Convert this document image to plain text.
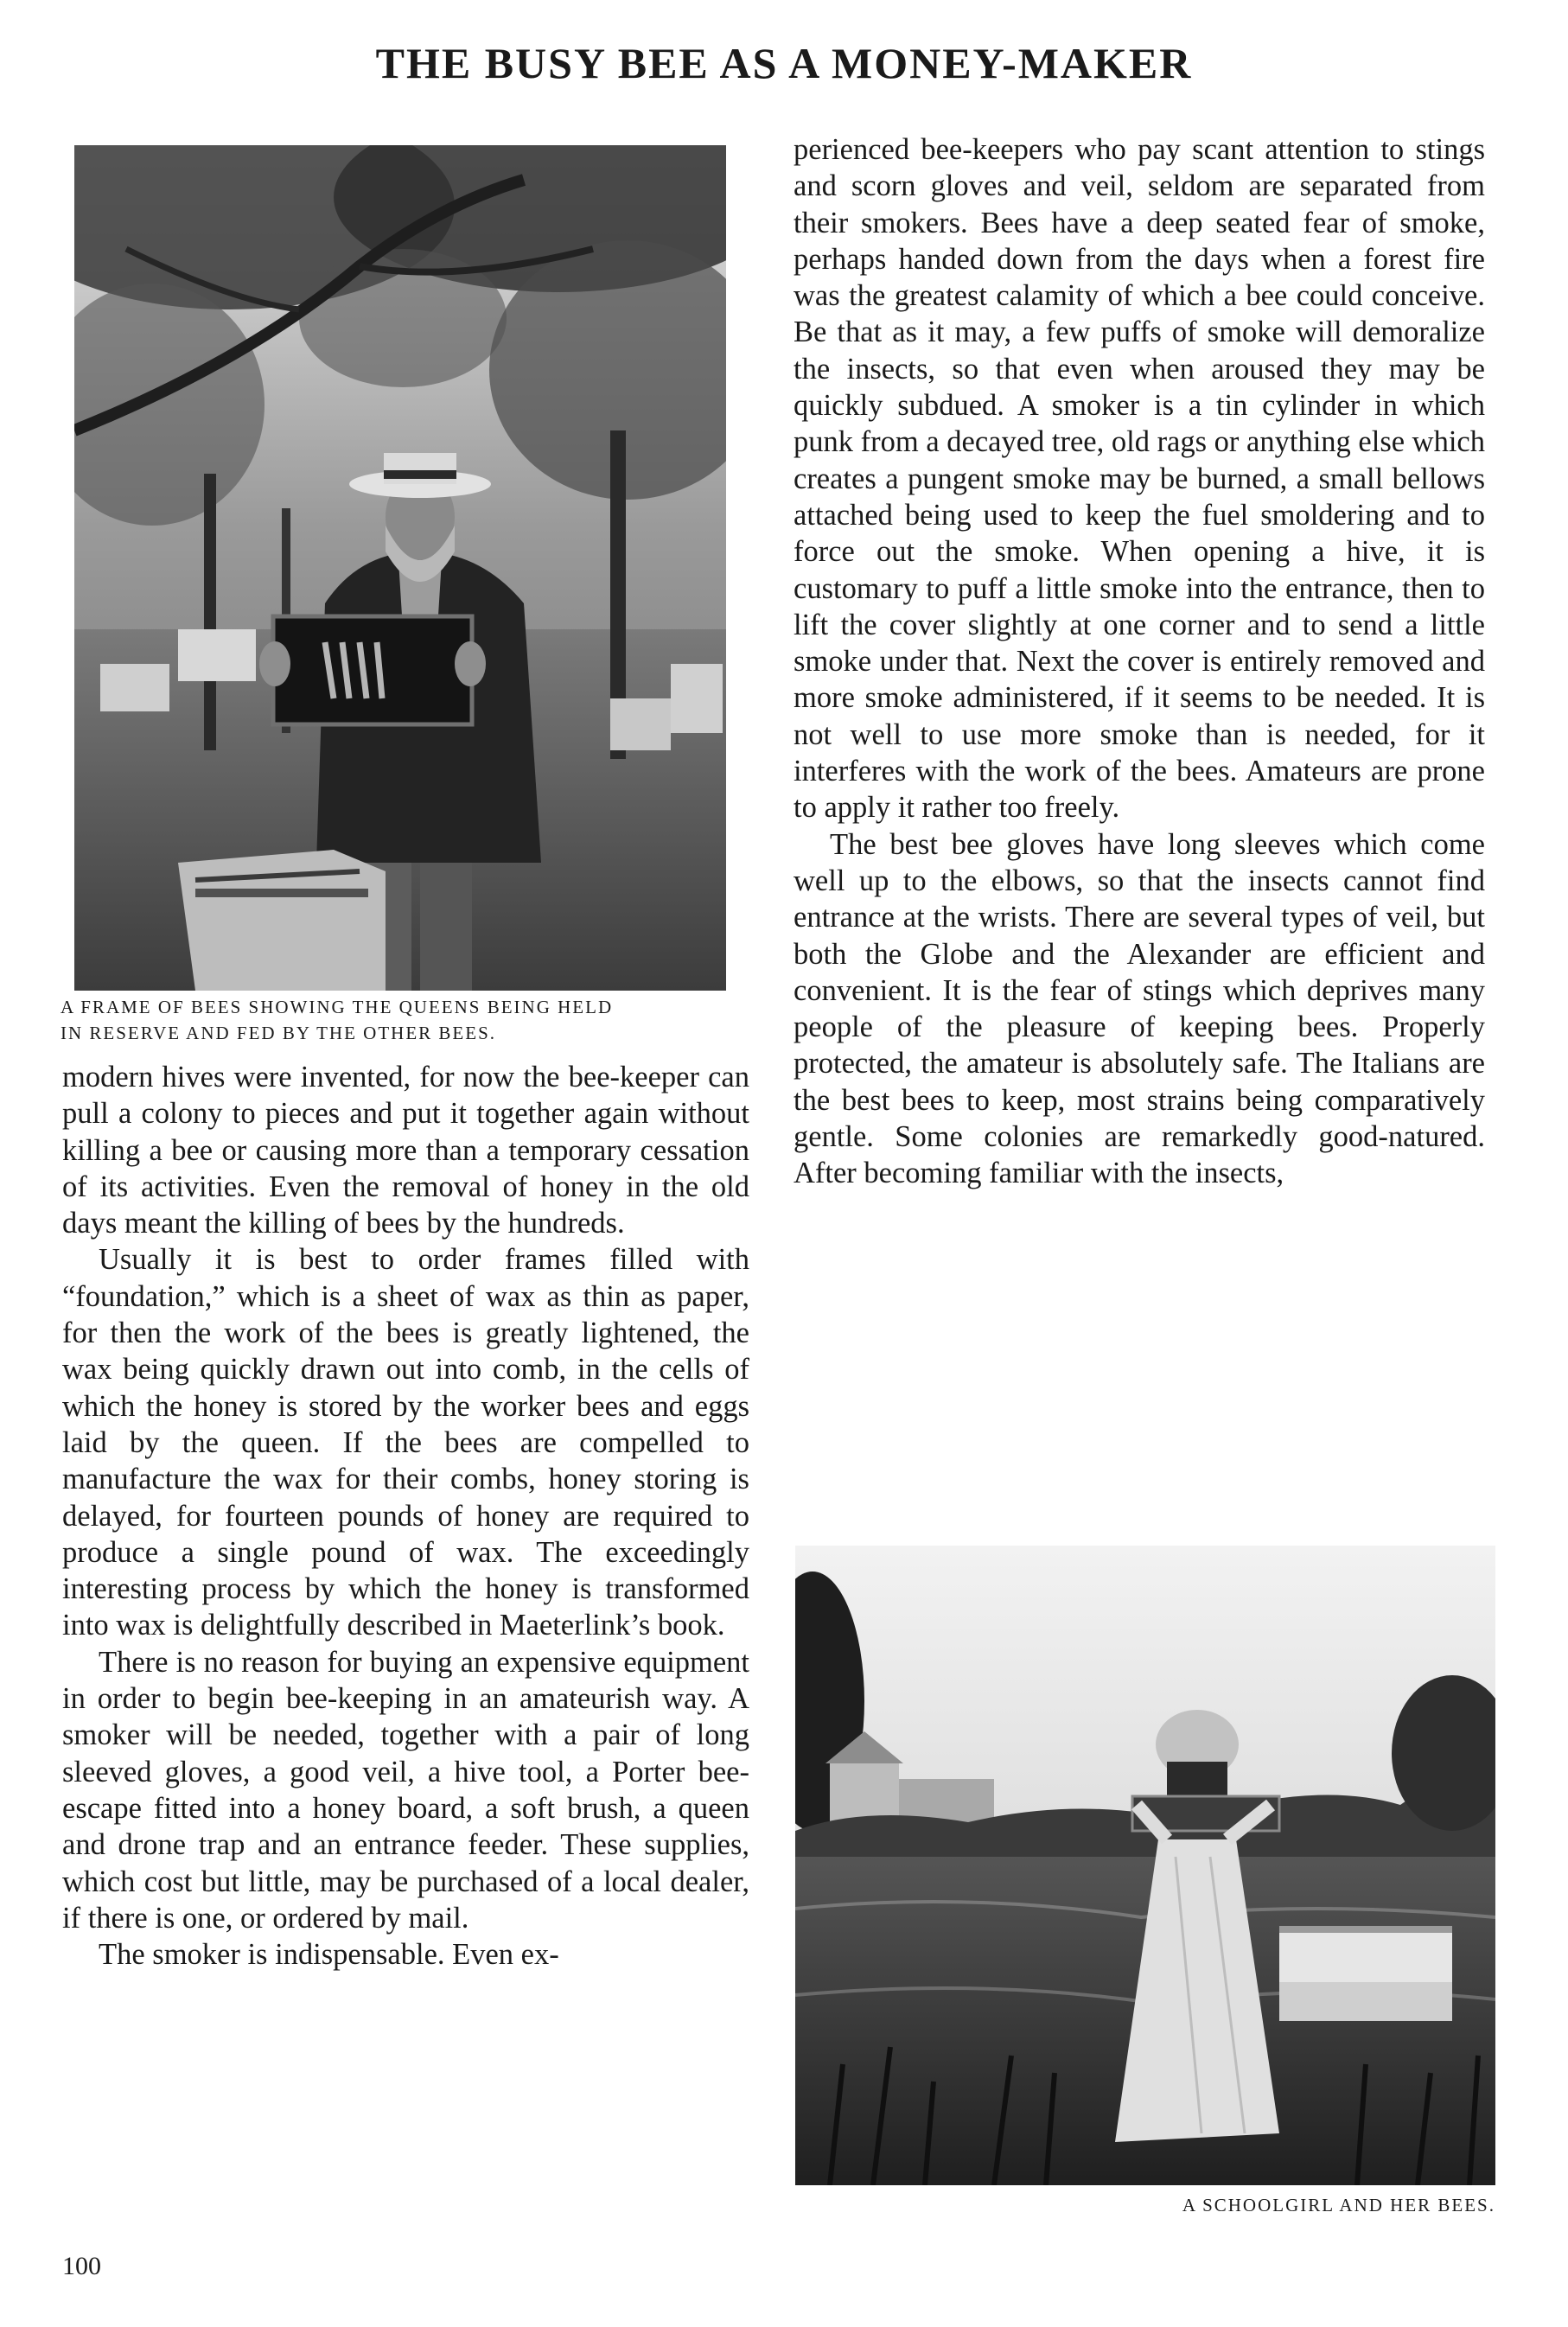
THE BUSY BEE AS A MONEY-MAKER

A FRAME OF BEES SHOWING THE QUEENS BEING HELD
IN RESERVE AND FED BY THE OTHER BEES.

modern hives were invented, for now the bee-keeper can pull a colony to pieces and put it together again without killing a bee or causing more than a temporary cessation of its activities. Even the removal of honey in the old days meant the killing of bees by the hundreds.

Usually it is best to order frames filled with “foundation,” which is a sheet of wax as thin as paper, for then the work of the bees is greatly lightened, the wax being quickly drawn out into comb, in the cells of which the honey is stored by the worker bees and eggs laid by the queen. If the bees are compelled to manufacture the wax for their combs, honey storing is delayed, for fourteen pounds of honey are required to produce a single pound of wax. The exceedingly interesting process by which the honey is transformed into wax is delightfully described in Maeterlink’s book.

There is no reason for buying an expensive equipment in order to begin bee-keeping in an amateurish way. A smoker will be needed, together with a pair of long sleeved gloves, a good veil, a hive tool, a Porter bee-escape fitted into a honey board, a soft brush, a queen and drone trap and an entrance feeder. These supplies, which cost but little, may be purchased of a local dealer, if there is one, or ordered by mail.

The smoker is indispensable. Even ex-

perienced bee-keepers who pay scant attention to stings and scorn gloves and veil, seldom are separated from their smokers. Bees have a deep seated fear of smoke, perhaps handed down from the days when a forest fire was the greatest calamity of which a bee could conceive. Be that as it may, a few puffs of smoke will demoralize the insects, so that even when aroused they may be quickly subdued. A smoker is a tin cylinder in which punk from a decayed tree, old rags or anything else which creates a pungent smoke may be burned, a small bellows attached being used to keep the fuel smoldering and to force out the smoke. When opening a hive, it is customary to puff a little smoke into the entrance, then to lift the cover slightly at one corner and to send a little smoke under that. Next the cover is entirely removed and more smoke administered, if it seems to be needed. It is not well to use more smoke than is needed, for it interferes with the work of the bees. Amateurs are prone to apply it rather too freely.

The best bee gloves have long sleeves which come well up to the elbows, so that the insects cannot find entrance at the wrists. There are several types of veil, but both the Globe and the Alexander are efficient and convenient. It is the fear of stings which deprives many people of the pleasure of keeping bees. Properly protected, the amateur is absolutely safe. The Italians are the best bees to keep, most strains being comparatively gentle. Some colonies are remarkedly good-natured. After becoming familiar with the insects,

A SCHOOLGIRL AND HER BEES.

100
